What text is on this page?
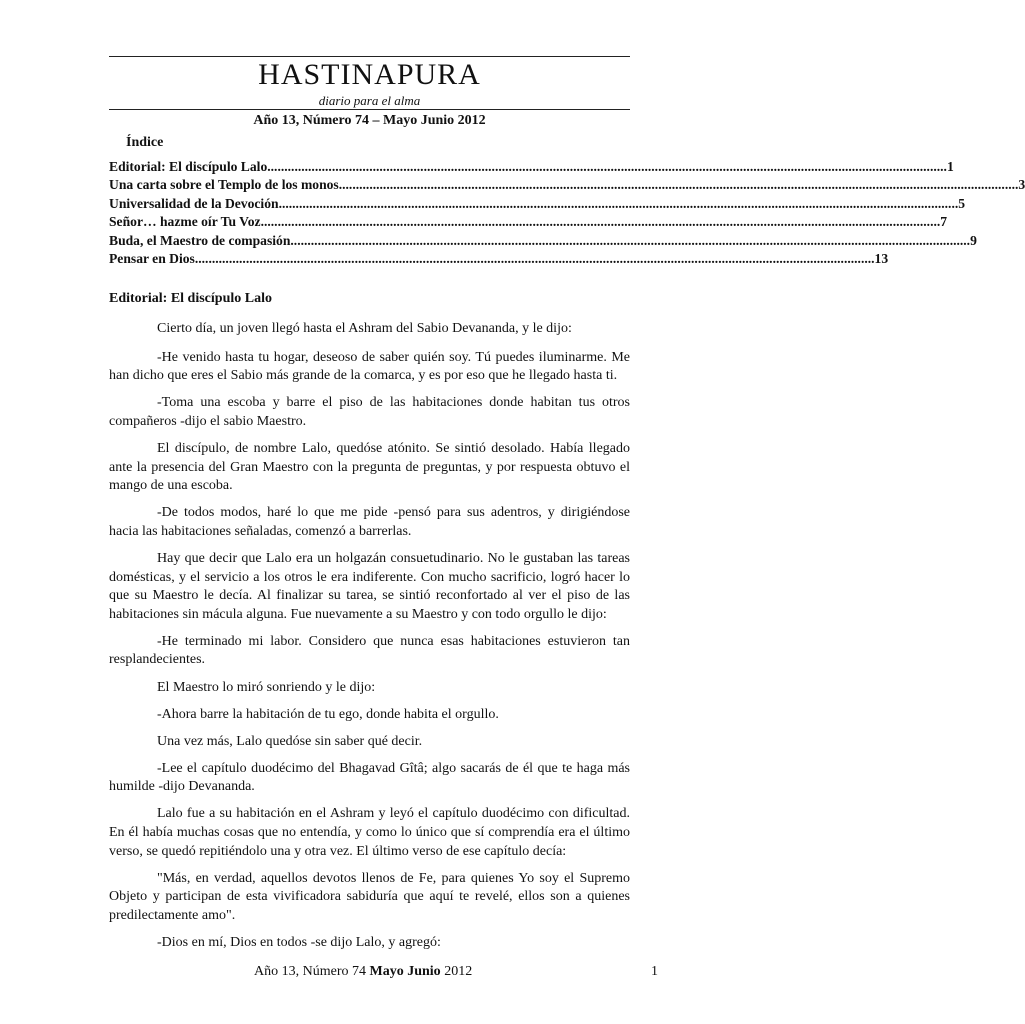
HASTINAPURA
diario para el alma
Año 13, Número 74 – Mayo Junio 2012
Índice
Editorial: El discípulo Lalo ........................................................................................................................................................................................................ 1
Una carta sobre el Templo de los monos ........................................................................................................................................................................................................ 3
Universalidad de la Devoción ........................................................................................................................................................................................................ 5
Señor… hazme oír Tu Voz ........................................................................................................................................................................................................ 7
Buda, el Maestro de compasión ........................................................................................................................................................................................................ 9
Pensar en Dios ........................................................................................................................................................................................................ 13
Editorial: El discípulo Lalo

Cierto día, un joven llegó hasta el Ashram del Sabio Devananda, y le dijo:

-He venido hasta tu hogar, deseoso de saber quién soy. Tú puedes iluminarme. Me han dicho que eres el Sabio más grande de la comarca, y es por eso que he llegado hasta ti.

-Toma una escoba y barre el piso de las habitaciones donde habitan tus otros compañeros -dijo el sabio Maestro.

El discípulo, de nombre Lalo, quedóse atónito. Se sintió desolado. Había llegado ante la presencia del Gran Maestro con la pregunta de preguntas, y por respuesta obtuvo el mango de una escoba.

-De todos modos, haré lo que me pide -pensó para sus adentros, y dirigiéndose hacia las habitaciones señaladas, comenzó a barrerlas.

Hay que decir que Lalo era un holgazán consuetudinario. No le gustaban las tareas domésticas, y el servicio a los otros le era indiferente. Con mucho sacrificio, logró hacer lo que su Maestro le decía. Al finalizar su tarea, se sintió reconfortado al ver el piso de las habitaciones sin mácula alguna. Fue nuevamente a su Maestro y con todo orgullo le dijo:

-He terminado mi labor. Considero que nunca esas habitaciones estuvieron tan resplandecientes.

El Maestro lo miró sonriendo y le dijo:

-Ahora barre la habitación de tu ego, donde habita el orgullo.

Una vez más, Lalo quedóse sin saber qué decir.

-Lee el capítulo duodécimo del Bhagavad Gîtâ; algo sacarás de él que te haga más humilde -dijo Devananda.

Lalo fue a su habitación en el Ashram y leyó el capítulo duodécimo con dificultad. En él había muchas cosas que no entendía, y como lo único que sí comprendía era el último verso, se quedó repitiéndolo una y otra vez. El último verso de ese capítulo decía:

"Más, en verdad, aquellos devotos llenos de Fe, para quienes Yo soy el Supremo Objeto y participan de esta vivificadora sabiduría que aquí te revelé, ellos son a quienes predilectamente amo".

-Dios en mí, Dios en todos -se dijo Lalo, y agregó:

Año 13, Número 74 Mayo Junio 2012	1
